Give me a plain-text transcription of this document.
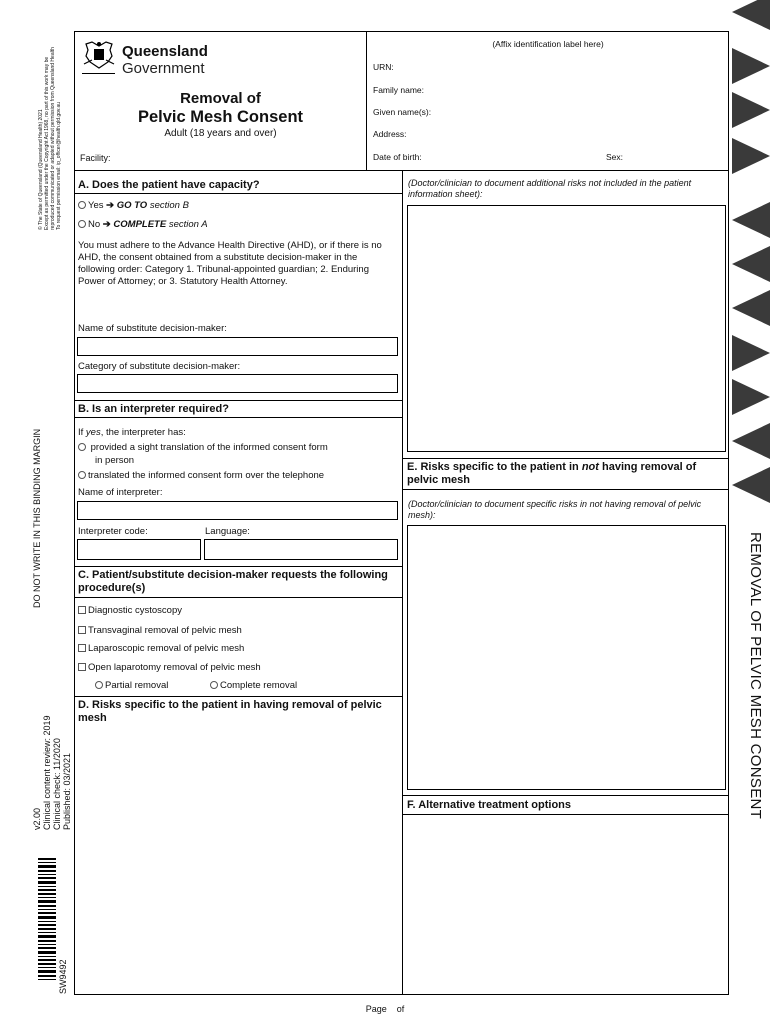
© The State of Queensland (Queensland Health) 2021 Except as permitted under the Copyright Act 1968, no part of this work may be reproduced communicated or adapted without permission from Queensland Health To request permission email: ip_officer@health.qld.gov.au
DO NOT WRITE IN THIS BINDING MARGIN
v2.00 Clinical content review: 2019 Clinical check: 11/2020 Published: 03/2021
SW9492
Queensland
Government
Removal of
Pelvic Mesh Consent
Adult (18 years and over)
Facility:
(Affix identification label here)
URN:
Family name:
Given name(s):
Address:
Date of birth:	Sex:
A. Does the patient have capacity?
Yes ➔ GO TO section B
No ➔ COMPLETE section A
You must adhere to the Advance Health Directive (AHD), or if there is no AHD, the consent obtained from a substitute decision-maker in the following order: Category 1. Tribunal-appointed guardian; 2. Enduring Power of Attorney; or 3. Statutory Health Attorney.
Name of substitute decision-maker:
Category of substitute decision-maker:
B. Is an interpreter required?
If yes, the interpreter has:
provided a sight translation of the informed consent form
in person
translated the informed consent form over the telephone
Name of interpreter:
Interpreter code:	Language:
C. Patient/substitute decision-maker requests the following procedure(s)
Diagnostic cystoscopy
Transvaginal removal of pelvic mesh
Laparoscopic removal of pelvic mesh
Open laparotomy removal of pelvic mesh
Partial removal	Complete removal
D. Risks specific to the patient in having removal of pelvic mesh
(Doctor/clinician to document additional risks not included in the patient information sheet):
E. Risks specific to the patient in not having removal of pelvic mesh
(Doctor/clinician to document specific risks in not having removal of pelvic mesh):
F. Alternative treatment options	REMOVAL OF PELVIC MESH CONSENT
Page    of
